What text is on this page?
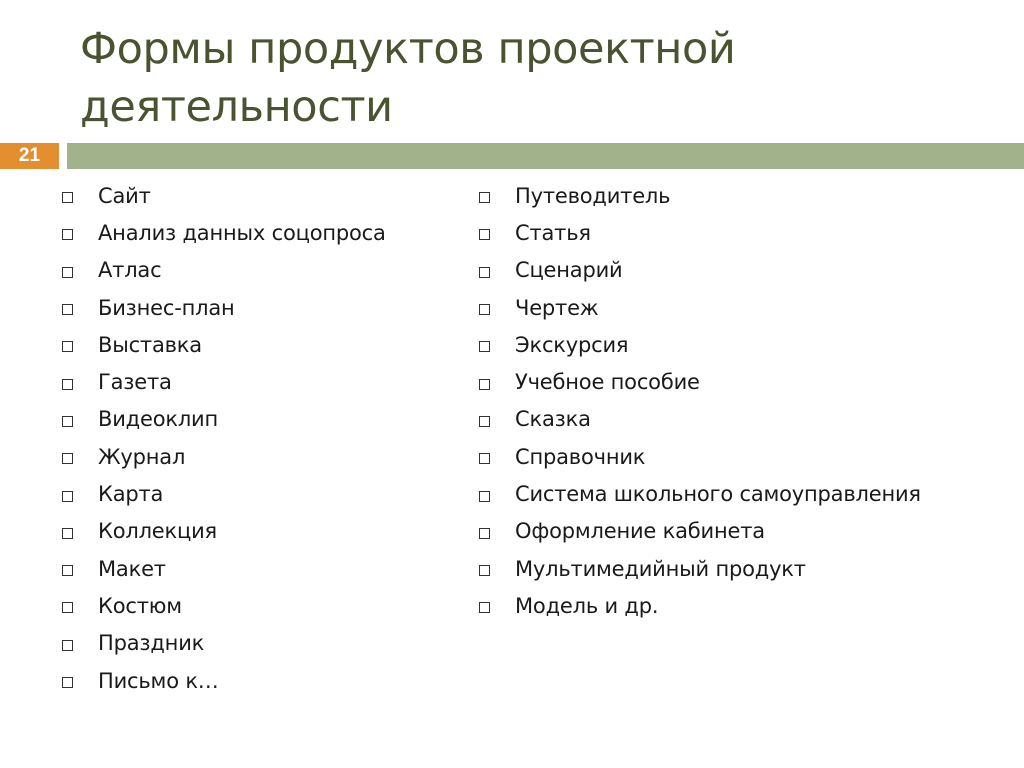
Формы продуктов проектной
деятельности
21
Сайт
Анализ данных соцопроса
Атлас
Бизнес-план
Выставка
Газета
Видеоклип
Журнал
Карта
Коллекция
Макет
Костюм
Праздник
Письмо к…
Путеводитель
Статья
Сценарий
Чертеж
Экскурсия
Учебное пособие
Сказка
Справочник
Система школьного самоуправления
Оформление кабинета
Мультимедийный продукт
Модель и др.
